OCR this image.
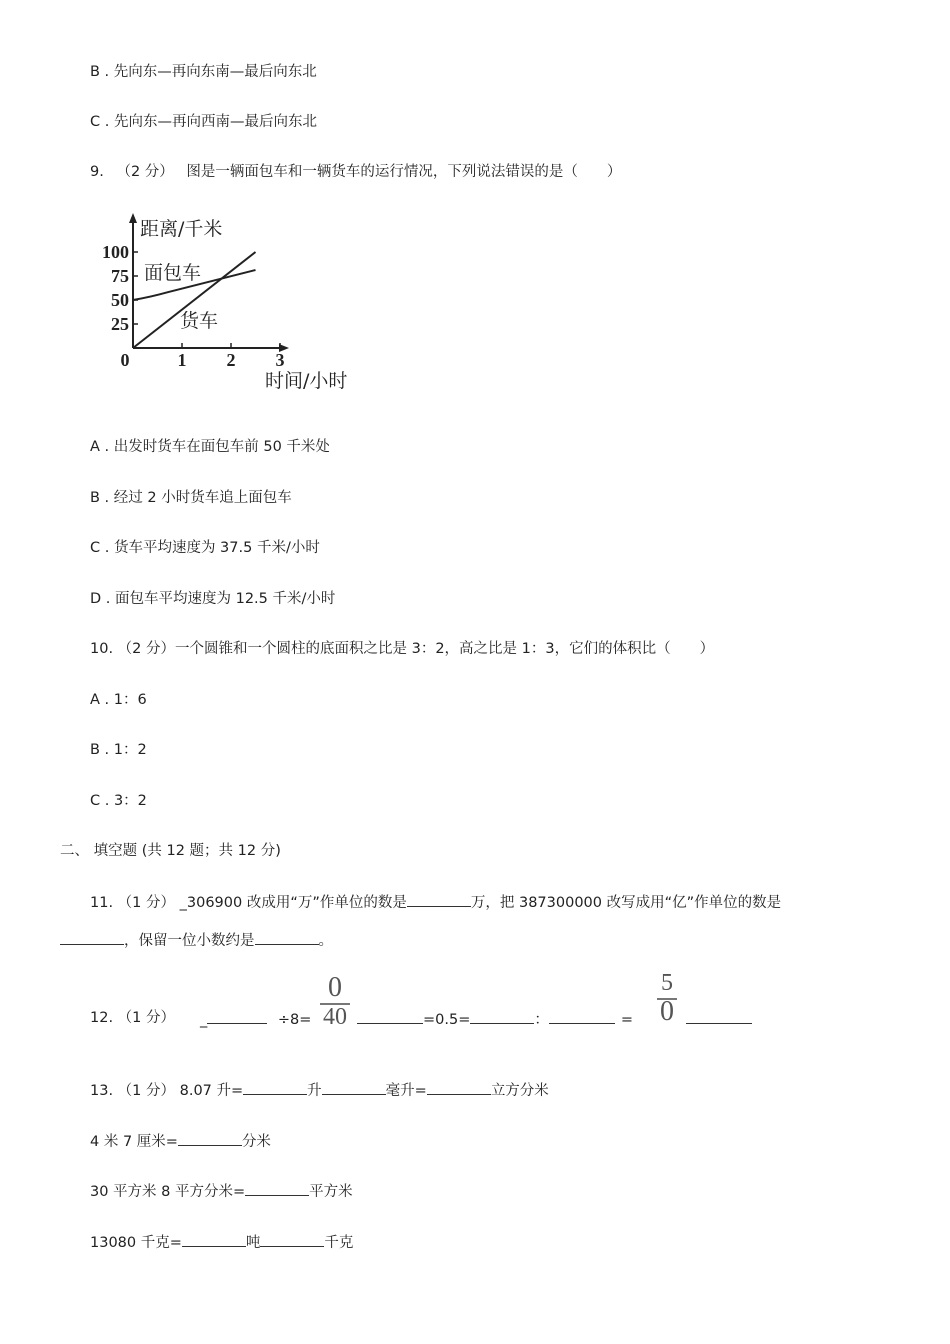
B . 先向东—再向东南—最后向东北
C . 先向东—再向西南—最后向东北
9. （2 分） 图是一辆面包车和一辆货车的运行情况，下列说法错误的是（　　）
0	1 2 3
25
50
75
100
距离/千米
时间/小时
面包车
货车
A . 出发时货车在面包车前 50 千米处
B . 经过 2 小时货车追上面包车
C . 货车平均速度为 37.5 千米/小时
D . 面包车平均速度为 12.5 千米/小时
10. （2 分）一个圆锥和一个圆柱的底面积之比是 3：2，高之比是 1：3，它们的体积比（　　）
A . 1：6
B . 1：2
C . 3：2
二、 填空题 (共 12 题；共 12 分)
11. （1 分） _306900 改成用“万”作单位的数是	万，把 387300000 改写成用“亿”作单位的数是
，保留一位小数约是	。
12. （1 分） _	÷8=
0
40	=0.5=	：	=
5
0
13. （1 分） 8.07 升=	升	毫升=	立方分米
4 米 7 厘米=	分米
30 平方米 8 平方分米=	平方米
13080 千克=	吨	千克
